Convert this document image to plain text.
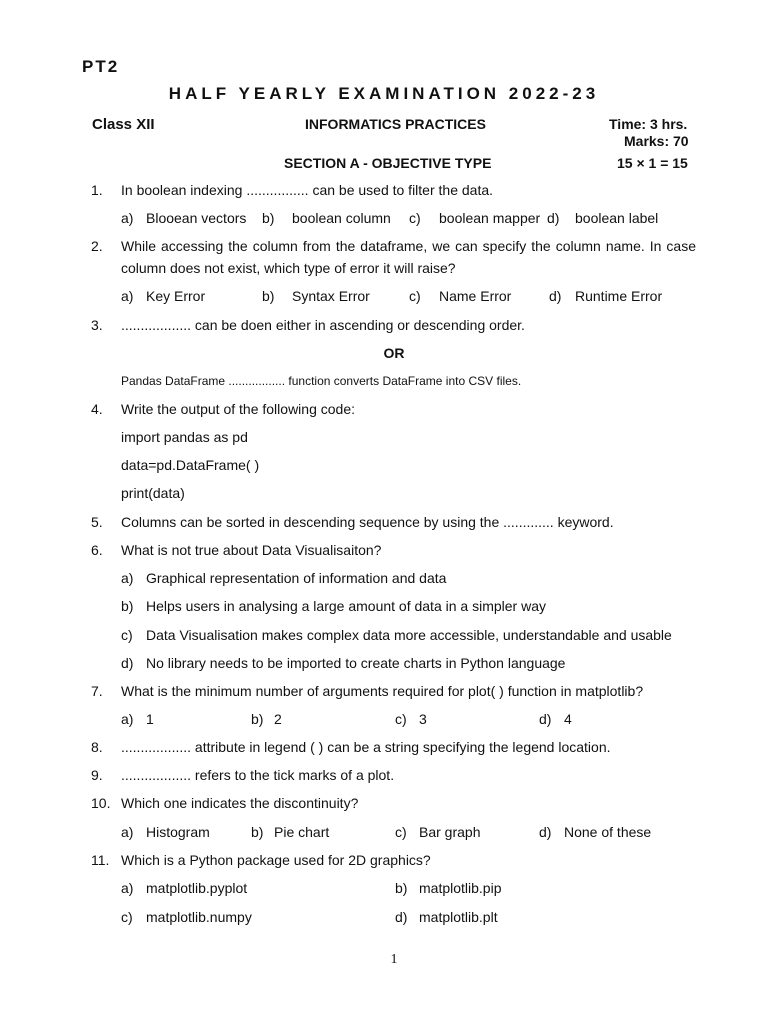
PT2
HALF YEARLY EXAMINATION 2022-23
Class XII	INFORMATICS PRACTICES	Time: 3 hrs.
Marks: 70
SECTION A - OBJECTIVE TYPE	15 × 1 = 15
1. In boolean indexing ................ can be used to filter the data.
a) Blooean vectors b) boolean column c) boolean mapper d) boolean label
2. While accessing the column from the dataframe, we can specify the column name. In case column does not exist, which type of error it will raise?
a) Key Error	b) Syntax Error	c) Name Error	d) Runtime Error
3. .................. can be doen either in ascending or descending order.
OR
Pandas DataFrame ................. function converts DataFrame into CSV files.
4. Write the output of the following code:
import pandas as pd
data=pd.DataFrame( )
print(data)
5. Columns can be sorted in descending sequence by using the ............. keyword.
6. What is not true about Data Visualisaiton?
a) Graphical representation of information and data
b) Helps users in analysing a large amount of data in a simpler way
c) Data Visualisation makes complex data more accessible, understandable and usable
d) No library needs to be imported to create charts in Python language
7. What is the minimum number of arguments required for plot( ) function in matplotlib?
a) 1	b) 2	c) 3	d) 4
8. .................. attribute in legend ( ) can be a string specifying the legend location.
9. .................. refers to the tick marks of a plot.
10. Which one indicates the discontinuity?
a) Histogram	b) Pie chart	c) Bar graph	d) None of these
11. Which is a Python package used for 2D graphics?
a) matplotlib.pyplot	b) matplotlib.pip
c) matplotlib.numpy	d) matplotlib.plt
1
